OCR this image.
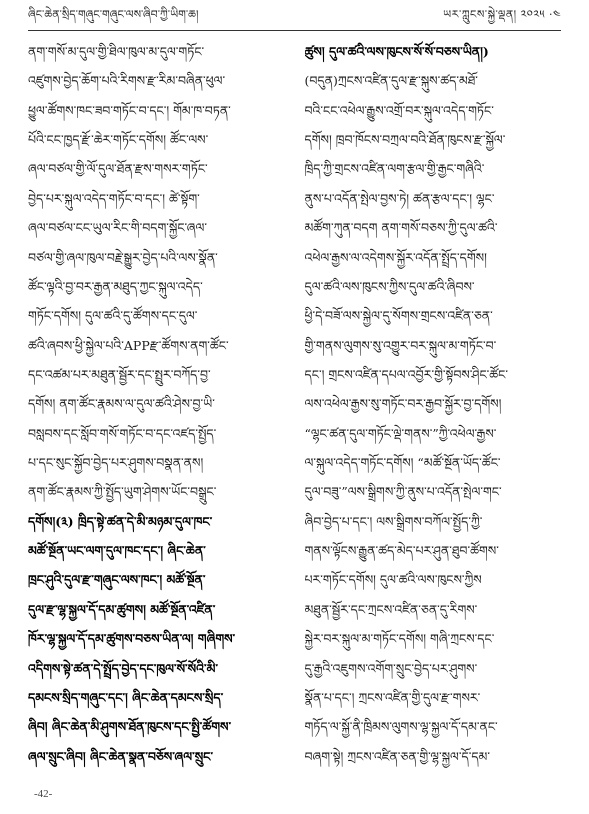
ཞིང་ཆེན་སྲིད་གཞུང་གཞུང་ལས་ཞིབ་ཀྱི་ཡིག་ཆ།	ཡར་ཀླུངས་སྐྱེ་ལྡན། ༢༠༢༥ ·༤
ནག་གསོ་མ་དུལ་གྱི་ཐིལ་ཁུལ་མ་དུལ་གཏོང་
འཛུགས་བྱེད་ཆོག་པའི་རིགས་རྫ་རིམ་བཞིན་ཕུལ་
ཕྱུལ་ཚོགས་ཁང་ཟབ་གཏོང་བ་དང་། གོམ་ཁ་བཏན་
པོའི་ངང་ཁྱད་རྫོ་ཆེར་གཏོང་དགོས། ཚོང་ལས་
ཞལ་བཙལ་གྱི་ལོ་དུལ་ཐོན་རྫས་གསར་གཏོང་
བྱེད་པར་སྐུལ་འདེད་གཏོང་བ་དང་། ཚེ་སྟོག་
ཞལ་བཙལ་ངང་ཡུལ་རིང་གི་བདག་སྐྱོང་ཞལ་
བཙལ་གྱི་ཞལ་ཁུལ་བརྗེ་སྒྱུར་བྱེད་པའི་ལས་སྣོན་
ཚོང་ལྟའི་བྱ་བར་རྒྱན་མཐུད་ཀྱང་སྐུལ་འདེད་
གཏོང་དགོས། དུལ་ཚའི་དུ་ཚོགས་དང་དུལ་
ཚའི་ཞབས་ཕྱི་སྐྱེལ་པའི་APPརྫ་ཚོགས་ནག་ཚོང་
དང་འཚམ་པར་མཐུན་སྦྱོར་དང་སྤྲུར་བཀོད་བྱ་
དགོས། ནག་ཚོང་རྣམས་ལ་དུལ་ཚའི་ཤེས་བྱ་ཡི་
བསླབས་དང་སློབ་གསོ་གཏོང་བ་དང་འཛད་སྤྱོད་
པ་དང་སུང་སྐྱོབ་བྱེད་པར་ཤུགས་བསྣན་ནས།
ནག་ཚོང་རྣམས་ཀྱི་སྤྱོད་ཡུག་ཤེགས་ཡོང་བསྒྲུང་
དགོས།(༣) ཁྲིད་སྟེ་ཚན་དེ་མི་མཉམ་དུལ་ཁང་
མཚོ་སྔོན་ཡང་ལག་དུལ་ཁང་དང་། ཞིང་ཆེན་
ཁྲང་ཤུའི་དུལ་རྫ་གཞུང་ལས་ཁང་། མཚོ་སྔོན་
དུལ་རྫ་ལྷ་སྐྱལ་དོ་དམ་ཚུགས། མཚོ་སྔོན་འཛིན་
ཁོར་ལྷ་སྐྱལ་དོ་དམ་ཚུགས་བཅས་ཡིན་ལ། གཞིགས་
འདིགས་སྟེ་ཚན་དེ་སྤྲོད་བྱེད་དང་ཁུལ་སོ་སོའི་མི་
དམངས་སྲིད་གཞུང་དང་། ཞིང་ཆེན་དམངས་སྲིད་
ཞིབ། ཞིང་ཆེན་མི་ཤུགས་ཐོན་ཁུངས་དང་སྤྱི་ཚོགས་
ཞལ་སྲུང་ཞིབ། ཞིང་ཆེན་སྣན་བཅོས་ཞལ་སྲུང་
ཚུས། དུལ་ཚའི་ལས་ཁུངས་སོ་སོ་བཅས་ཡིན།)
(བདུན)ཀྲངས་འཛིན་དུལ་རྫ་སྐུས་ཚད་མཐོ་
བའི་ངང་འཕེལ་རྒྱུས་འགྲོ་བར་སྐུལ་འདེད་གཏོང་
དགོས། ཁྲབ་ཁོངས་བཀྲལ་བའི་ཐོན་ཁུངས་རྫ་སྐྱོལ་
ཁྲིད་ཀྱི་གྲངས་འཛིན་ལག་རྩལ་གྱི་རྒྱང་གཞིའི་
ནུས་པ་འདོན་སྤེལ་བྱས་ཏེ། ཚན་རྩལ་དང་། ལྷང་
མཚོག་ཀུན་བདག ནག་གསོ་བཅས་ཀྱི་དུལ་ཚའི་
འཕེལ་རྒྱས་ལ་འདེགས་སྐྱོར་འདོན་སྤྲོད་དགོས།
དུལ་ཚའི་ལས་ཁུངས་ཀྱིས་དུལ་ཚའི་ཞིབས་
ཕྱི་དེ་བཟོ་ལས་སྐྱེལ་དུ་སོགས་གྲངས་འཛིན་ཅན་
གྱི་གནས་ལུགས་སུ་འགྱུར་བར་སྐུལ་མ་གཏོང་བ་
དང་། གྲངས་འཛིན་དཔལ་འབྱོར་གྱི་སྟོབས་ཤིང་ཚོང་
ལས་འཕེལ་རྒྱས་སུ་གཏོང་བར་རྒྱབ་སྐྱོར་བྱ་དགོས།
“ལྷང་ཚན་དུལ་གཏོང་ལྡེ་གནས་”ཀྱི་འཕེལ་རྒྱས་
ལ་སྐུལ་འདེད་གཏོང་དགོས། “མཚོ་སྔོན་ཡོད་ཚོང་
དུལ་བཟུ་”ལས་སྒྲིགས་ཀྱི་ནུས་པ་འདོན་སྤེལ་གང་
ཞིབ་བྱེད་པ་དང་། ལས་སྒྲིགས་བཀོལ་སྤྱོད་ཀྱི་
གནས་ལྟོངས་རྒྱུན་ཚད་མེད་པར་ཤུན་ཐུབ་ཚོགས་
པར་གཏོང་དགོས། དུལ་ཚའི་ལས་ཁུངས་ཀྱིས
མཐུན་སྦྱོར་དང་ཀྲངས་འཛིན་ཅན་དུ་རིགས་
སྐྱེར་བར་སྐུལ་མ་གཏོང་དགོས། གཞི་ཀྲངས་དང་
དུ་རྒྱའི་འཇུགས་འགོག་སྲུང་བྱེད་པར་ཤུགས་
སྣོན་པ་དང་། ཀྲངས་འཛིན་གྱི་དུལ་རྫ་གསར་
གཏོད་ལ་སྐྱོ་ནི་ཁྲིམས་ལུགས་ལྷ་སྐྱལ་དོ་དམ་ནང་
བཞག་སྟེ། ཀྲངས་འཛིན་ཅན་གྱི་ལྷ་སྐྱལ་དོ་དམ་
-42-
